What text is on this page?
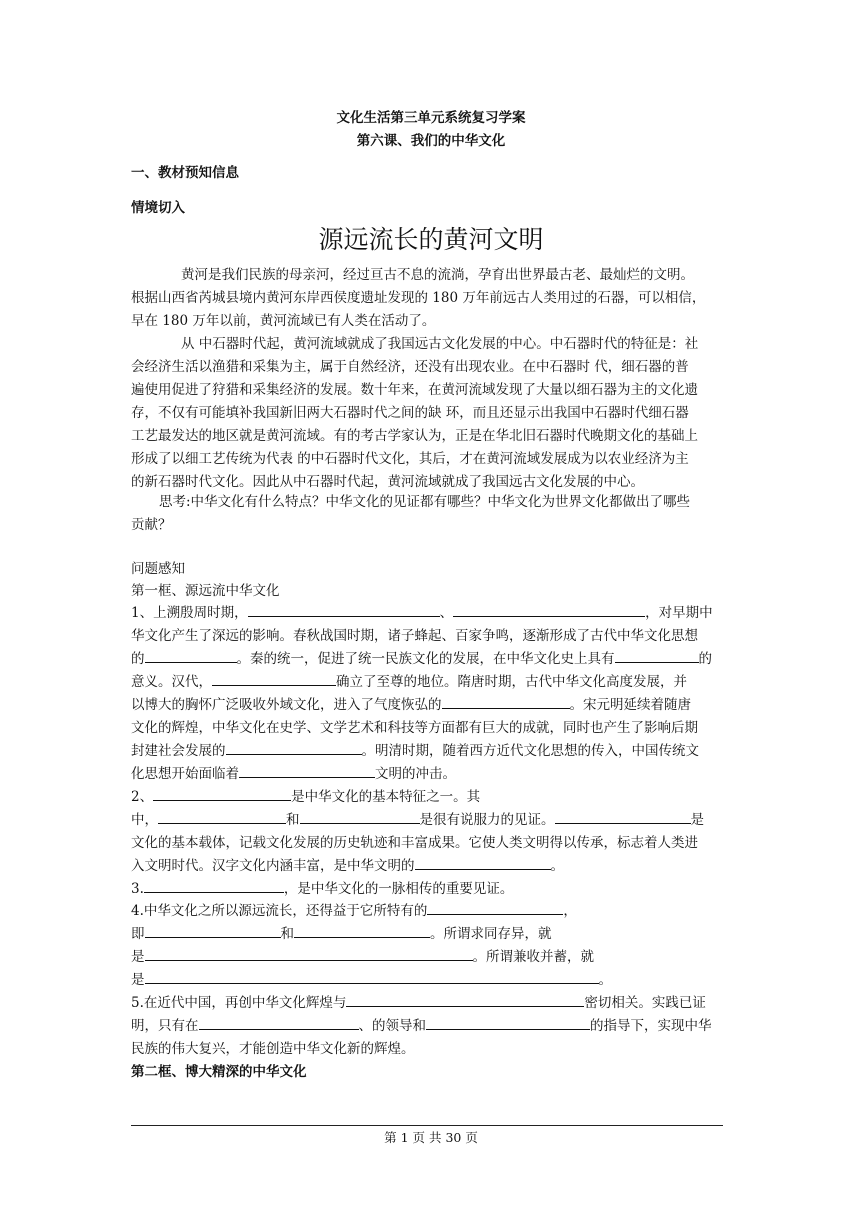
文化生活第三单元系统复习学案
第六课、我们的中华文化
一、教材预知信息
情境切入
源远流长的黄河文明
黄河是我们民族的母亲河，经过亘古不息的流淌，孕育出世界最古老、最灿烂的文明。
根据山西省芮城县境内黄河东岸西侯度遗址发现的 180 万年前远古人类用过的石器，可以相信，
早在 180 万年以前，黄河流域已有人类在活动了。
从 中石器时代起，黄河流域就成了我国远古文化发展的中心。中石器时代的特征是：社
会经济生活以渔猎和采集为主，属于自然经济，还没有出现农业。在中石器时 代，细石器的普
遍使用促进了狩猎和采集经济的发展。数十年来，在黄河流域发现了大量以细石器为主的文化遗
存，不仅有可能填补我国新旧两大石器时代之间的缺 环，而且还显示出我国中石器时代细石器
工艺最发达的地区就是黄河流域。有的考古学家认为，正是在华北旧石器时代晚期文化的基础上
形成了以细工艺传统为代表 的中石器时代文化，其后，才在黄河流域发展成为以农业经济为主
的新石器时代文化。因此从中石器时代起，黄河流域就成了我国远古文化发展的中心。
思考:中华文化有什么特点？中华文化的见证都有哪些？中华文化为世界文化都做出了哪些
贡献？
问题感知
第一框、源远流中华文化
1、上溯殷周时期，	、	，对早期中
华文化产生了深远的影响。春秋战国时期，诸子蜂起、百家争鸣，逐渐形成了古代中华文化思想
的	。秦的统一，促进了统一民族文化的发展，在中华文化史上具有	的
意义。汉代，	确立了至尊的地位。隋唐时期，古代中华文化高度发展，并
以博大的胸怀广泛吸收外域文化，进入了气度恢弘的	。宋元明延续着随唐
文化的辉煌，中华文化在史学、文学艺术和科技等方面都有巨大的成就，同时也产生了影响后期
封建社会发展的	。明清时期，随着西方近代文化思想的传入，中国传统文
化思想开始面临着	文明的冲击。
2、	是中华文化的基本特征之一。其
中，	和	是很有说服力的见证。	是
文化的基本载体，记载文化发展的历史轨迹和丰富成果。它使人类文明得以传承，标志着人类进
入文明时代。汉字文化内涵丰富，是中华文明的	。
3.	，是中华文化的一脉相传的重要见证。
4.中华文化之所以源远流长，还得益于它所特有的	，
即	和	。所谓求同存异，就
是	。所谓兼收并蓄，就
是	。
5.在近代中国，再创中华文化辉煌与	密切相关。实践已证
明，只有在	、的领导和	的指导下，实现中华
民族的伟大复兴，才能创造中华文化新的辉煌。
第二框、博大精深的中华文化
第 1 页 共 30 页
